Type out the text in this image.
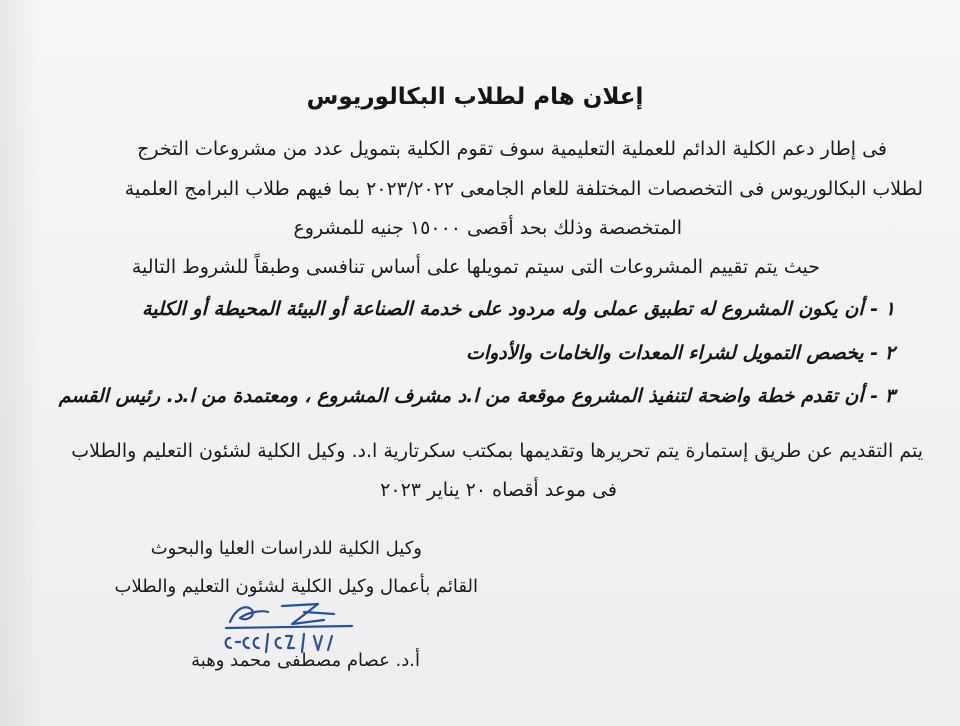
إعلان هام لطلاب البكالوريوس
فى إطار دعم الكلية الدائم للعملية التعليمية سوف تقوم الكلية بتمويل عدد من مشروعات التخرج
لطلاب البكالوريوس فى التخصصات المختلفة للعام الجامعى ٢٠٢٣/٢٠٢٢ بما فيهم طلاب البرامج العلمية
المتخصصة وذلك بحد أقصى ١٥٠٠٠ جنيه للمشروع
حيث يتم تقييم المشروعات التى سيتم تمويلها على أساس تنافسى وطبقاً للشروط التالية
١ - أن يكون المشروع له تطبيق عملى وله مردود على خدمة الصناعة أو البيئة المحيطة أو الكلية
٢ - يخصص التمويل لشراء المعدات والخامات والأدوات
٣ - أن تقدم خطة واضحة لتنفيذ المشروع موقعة من ا.د مشرف المشروع ، ومعتمدة من ا.د. رئيس القسم
يتم التقديم عن طريق إستمارة يتم تحريرها وتقديمها بمكتب سكرتارية ا.د. وكيل الكلية لشئون التعليم والطلاب
فى موعد أقصاه ٢٠ يناير ٢٠٢٣
وكيل الكلية للدراسات العليا والبحوث
القائم بأعمال وكيل الكلية لشئون التعليم والطلاب
أ.د. عصام مصطفى محمد وهبة
